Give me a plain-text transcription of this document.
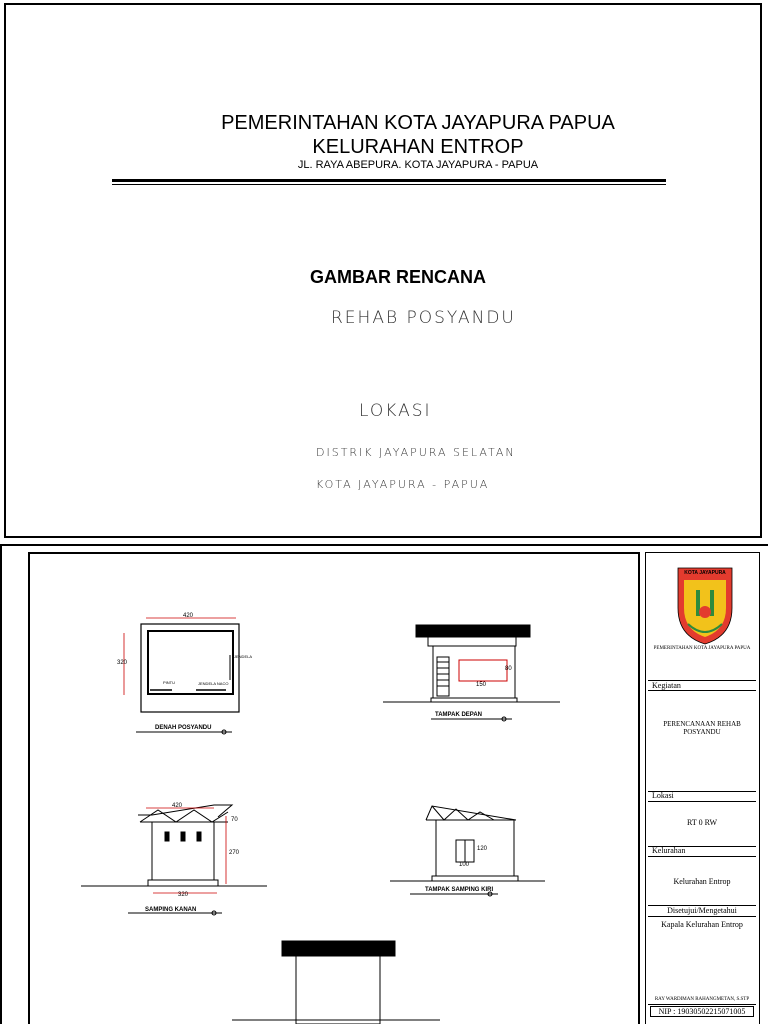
PEMERINTAHAN KOTA JAYAPURA PAPUA
KELURAHAN ENTROP
JL. RAYA ABEPURA. KOTA JAYAPURA - PAPUA
GAMBAR RENCANA
REHAB POSYANDU
LOKASI
DISTRIK JAYAPURA SELATAN
KOTA JAYAPURA - PAPUA
420
320
PINTU	JENDELA NACO
JENDELA
DENAH POSYANDU
150
80
TAMPAK DEPAN
420
70
270
320
SAMPING KANAN
120
100
TAMPAK SAMPING KIRI
KOTA JAYAPURA
PEMERINTAHAN KOTA JAYAPURA PAPUA
Kegiatan
PERENCANAAN REHAB POSYANDU
Lokasi
RT 0 RW
Kelurahan
Kelurahan Entrop
Disetujui/Mengetahui
Kapala Kelurahan Entrop
RAY WARDIMAN RAHANGMETAN, S.STP
NIP : 19030502215071005
